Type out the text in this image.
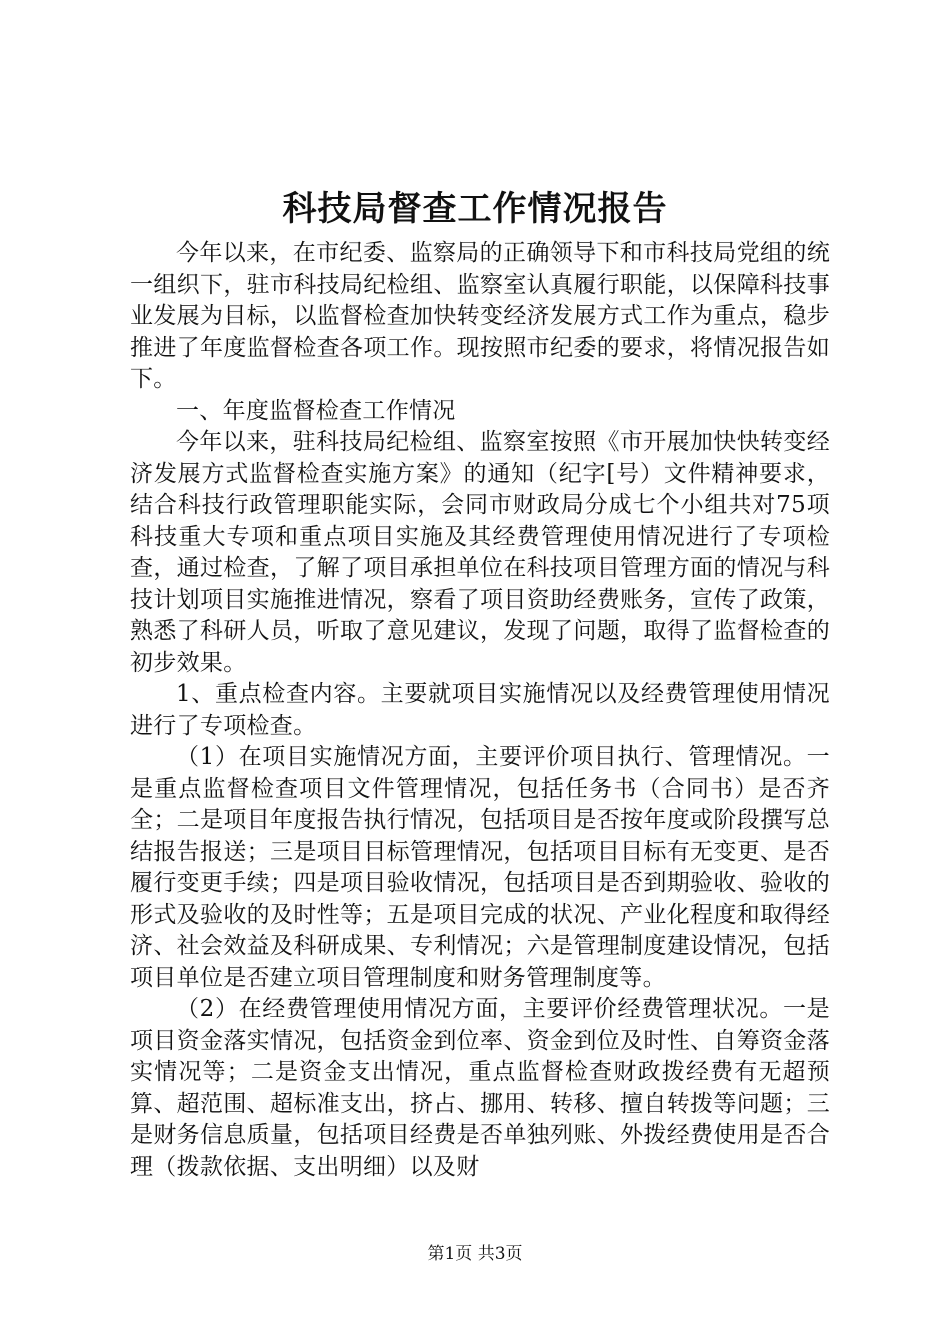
科技局督查工作情况报告

今年以来，在市纪委、监察局的正确领导下和市科技局党组的统一组织下，驻市科技局纪检组、监察室认真履行职能，以保障科技事业发展为目标，以监督检查加快转变经济发展方式工作为重点，稳步推进了年度监督检查各项工作。现按照市纪委的要求，将情况报告如下。

一、年度监督检查工作情况

今年以来，驻科技局纪检组、监察室按照《市开展加快快转变经济发展方式监督检查实施方案》的通知（纪字[号）文件精神要求，结合科技行政管理职能实际，会同市财政局分成七个小组共对75项科技重大专项和重点项目实施及其经费管理使用情况进行了专项检查，通过检查，了解了项目承担单位在科技项目管理方面的情况与科技计划项目实施推进情况，察看了项目资助经费账务，宣传了政策，熟悉了科研人员，听取了意见建议，发现了问题，取得了监督检查的初步效果。

1、重点检查内容。主要就项目实施情况以及经费管理使用情况进行了专项检查。

（1）在项目实施情况方面，主要评价项目执行、管理情况。一是重点监督检查项目文件管理情况，包括任务书（合同书）是否齐全；二是项目年度报告执行情况，包括项目是否按年度或阶段撰写总结报告报送；三是项目目标管理情况，包括项目目标有无变更、是否履行变更手续；四是项目验收情况，包括项目是否到期验收、验收的形式及验收的及时性等；五是项目完成的状况、产业化程度和取得经济、社会效益及科研成果、专利情况；六是管理制度建设情况，包括项目单位是否建立项目管理制度和财务管理制度等。

（2）在经费管理使用情况方面，主要评价经费管理状况。一是项目资金落实情况，包括资金到位率、资金到位及时性、自筹资金落实情况等；二是资金支出情况，重点监督检查财政拨经费有无超预算、超范围、超标准支出，挤占、挪用、转移、擅自转拨等问题；三是财务信息质量，包括项目经费是否单独列账、外拨经费使用是否合理（拨款依据、支出明细）以及财

第1页 共3页
